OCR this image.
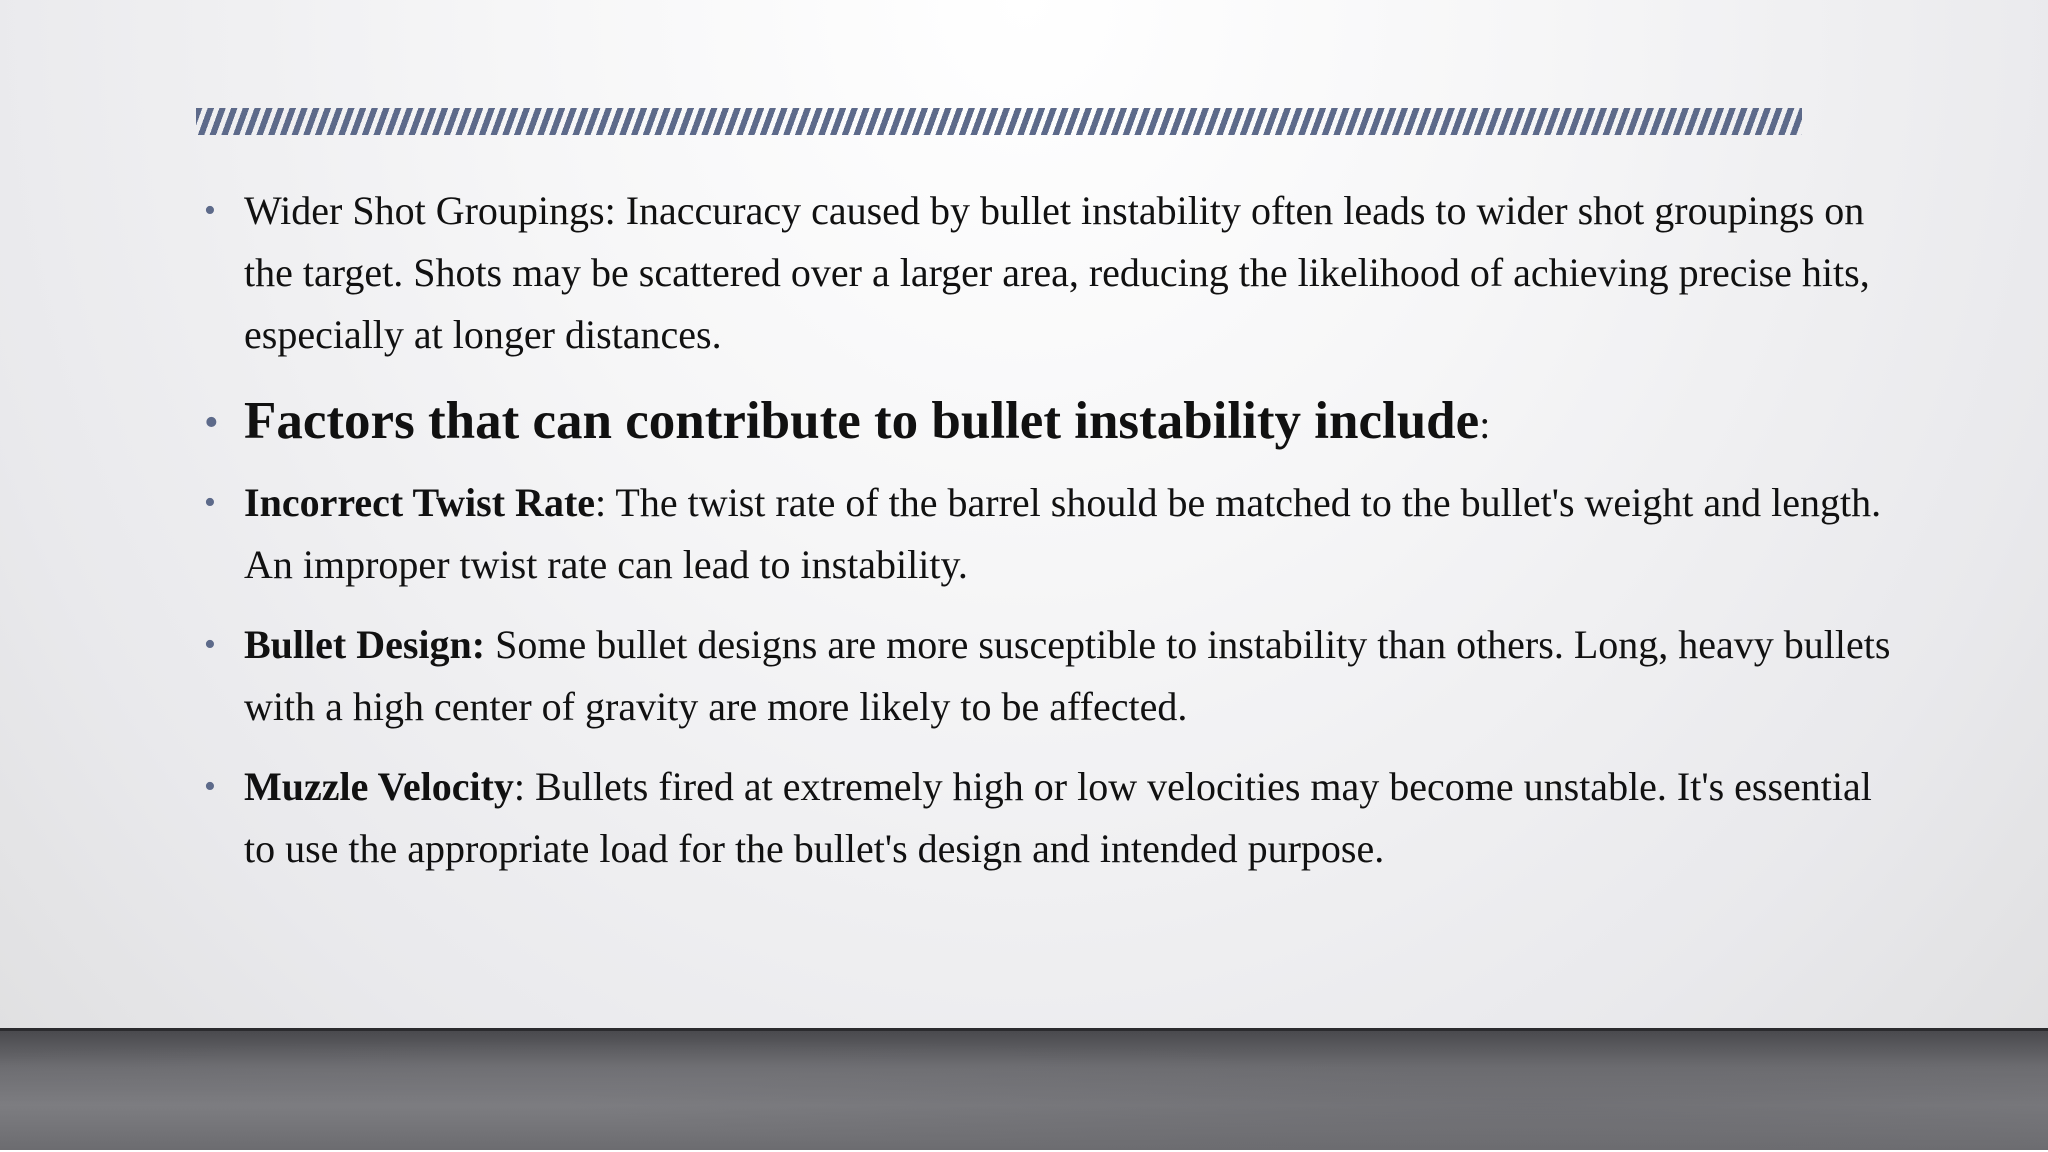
• Wider Shot Groupings: Inaccuracy caused by bullet instability often leads to wider shot groupings on the target. Shots may be scattered over a larger area, reducing the likelihood of achieving precise hits, especially at longer distances.
• Factors that can contribute to bullet instability include:
• Incorrect Twist Rate: The twist rate of the barrel should be matched to the bullet's weight and length. An improper twist rate can lead to instability.
• Bullet Design: Some bullet designs are more susceptible to instability than others. Long, heavy bullets with a high center of gravity are more likely to be affected.
• Muzzle Velocity: Bullets fired at extremely high or low velocities may become unstable. It's essential to use the appropriate load for the bullet's design and intended purpose.
